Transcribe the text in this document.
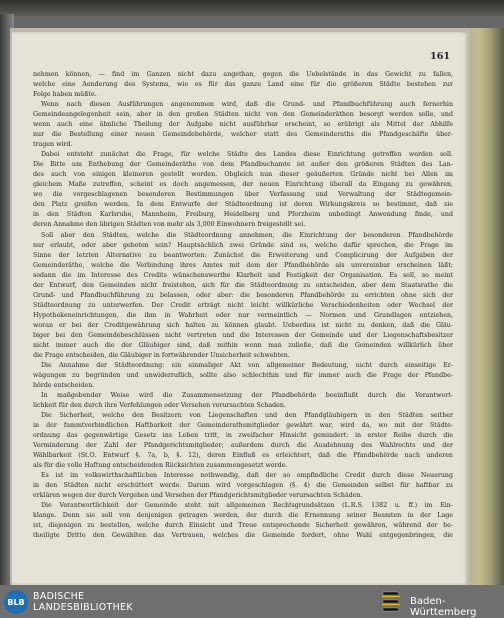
161
nehmen können, — find im Ganzen nicht dazu angethan, gegen die Uebelstände in das Gewicht zu fallen,
welche eine Aenderung des Systems, wie es für das ganze Land eine für die größeren Städte bestehen zur
Folge haben müßte.
Wenn nach diesen Ausführungen angenommen wird, daß die Grund- und Pfandbuchführung auch fernerhin
Gemeindeangelegenheit sein, aber in den großen Städten nicht von den Gemeinderäthen besorgt werden solle, und
wenn auch eine ähnliche Theilung der Aufgabe nicht ausführbar erscheint, so erübrigt als Mittel der Abhilfe
nur die Bestellung einer neuen Gemeindebehörde, welcher statt des Gemeinderaths die Pfandgeschäfte über-
tragen wird.
Dabei entsteht zunächst die Frage, für welche Städte des Landes diese Einrichtung getroffen werden soll.
Die Bitte um Enthebung der Gemeinderäthe von dem Pfandbuchamte ist außer den größeren Städten des Lan-
des auch von einigen kleineren gestellt worden. Obgleich nun dieser geäußerten Gründe nicht bei Allen im
gleichem Maße zutreffen, scheint es doch angemessen, der neuen Einrichtung überall da Eingang zu gewähren,
wo die vorgeschlagenen besonderen Bestimmungen über Verfassung und Verwaltung der Städtegemein-
den Platz greifen werden. In dem Entwurfe der Städteordnung ist deren Wirkungskreis so bestimmt, daß sie
in den Städten Karlsruhe, Mannheim, Freiburg, Heidelberg und Pforzheim unbedingt Anwendung finde, und
deren Annahme den übrigen Städten von mehr als 3,000 Einwohnern freigestellt sei.
Soll aber den Städten, welche die Städteordnung annehmen, die Einrichtung der besonderen Pfandbehörde
nur erlaubt, oder aber geboten sein? Hauptsächlich zwei Gründe sind es, welche dafür sprechen, die Frage im
Sinne der letzten Alternative zu beantworten: Zunächst die Erweiterung und Complicirung der Aufgaben der
Gemeinderäthe, welche die Verbindung ihres Amtes mit dem der Pfandbehörde als unvereinbar erscheinen läßt;
sodann die im Interesse des Credits wünschenswerthe Klarheit und Festigkeit der Organisation. Es soll, so meint
der Entwurf, den Gemeinden nicht freistehen, sich für die Städteordnung zu entscheiden, aber dem Staatsrathe die
Grund- und Pfandbuchführung zu belassen, oder aber: die besonderen Pfandbehörde zu errichten ohne sich der
Städteordnung zu unterwerfen. Der Credit erträgt nicht leicht willkürliche Verschiedenheiten oder Wechsel der
Hypothekeneinrichtungen, die ihm in Wahrheit oder nur vermeintlich — Normen und Grundlagen entziehen,
woran er bei der Creditgewährung sich halten zu können glaubt. Ueberdies ist nicht zu denken, daß die Gläu-
biger bei den Gemeindebeschlüssen nicht vertreten und die Interessen der Gemeinde und der Liegenschaftsbesitzer
nicht immer auch die der Gläubiger sind, daß mithin wenn man zuließe, daß die Gemeinden willkürlich über
die Frage entscheiden, die Gläubiger in fortwährender Unsicherheit schwebten.
Die Annahme der Städteordnung: ein einmaliger Akt von allgemeiner Bedeutung, nicht durch einseitige Er-
wägungen zu begründen und unwiderruflich, sollte also schlechthin und für immer auch die Frage der Pfandbe-
hörde entscheiden.
In maßgebender Weise wird die Zusammensetzung der Pfandbehörde beeinflußt durch die Verantwort-
lichkeit für den durch ihre Verfehlungen oder Versehen verursachten Schaden.
Die Sicherheit, welche den Besitzern von Liegenschaften und den Pfandgläubigern in den Städten seither
in der fammtverbindlichen Haftbarkeit der Gemeinderathsmitglieder gewährt war, wird da, wo mit der Städte-
ordnung das gegenwärtige Gesetz ins Leben tritt, in zweifacher Hinsicht gemindert: in erster Reihe durch die
Verminderung der Zahl der Pfandgerichtsmitglieder; außerdem durch die Ausdehnung des Wahlrechts und der
Wählbarkeit (St.O. Entwurf §. 7a, b, §. 12), deren Einfluß es erleichtert, daß die Pfandbehörde nach anderen
als für die volle Haftung entscheidenden Rücksichten zusammengesetzt werde.
Es ist im volkswirthschaftlichen Interesse nothwendig, daß der so empfindliche Credit durch diese Neuerung
in den Städten nicht erschüttert werde. Darum wird vorgeschlagen (§. 4) die Gemeinden selbst für haftbar zu
erklären wegen der durch Vergehen und Versehen der Pfandgerichtsmitglieder verursachten Schäden.
Die Verantwortlichkeit der Gemeinde steht mit allgemeinen Rechtsgrundsätzen (L.R.S. 1382 u. ff.) im Ein-
klange. Denn sie soll von denjenigen getragen werden, der durch die Ernennung seiner Beamten in der Lage
ist, diejenigen zu bestellen, welche durch Einsicht und Treue entsprechende Sicherheit gewähren, während der be-
theiligte Dritte den Gewählten das Vertrauen, welches die Gemeinde fordert, ohne Wahl entgegenbringen, die
BLB BADISCHE
LANDESBIBLIOTHEK
Baden-Württemberg
